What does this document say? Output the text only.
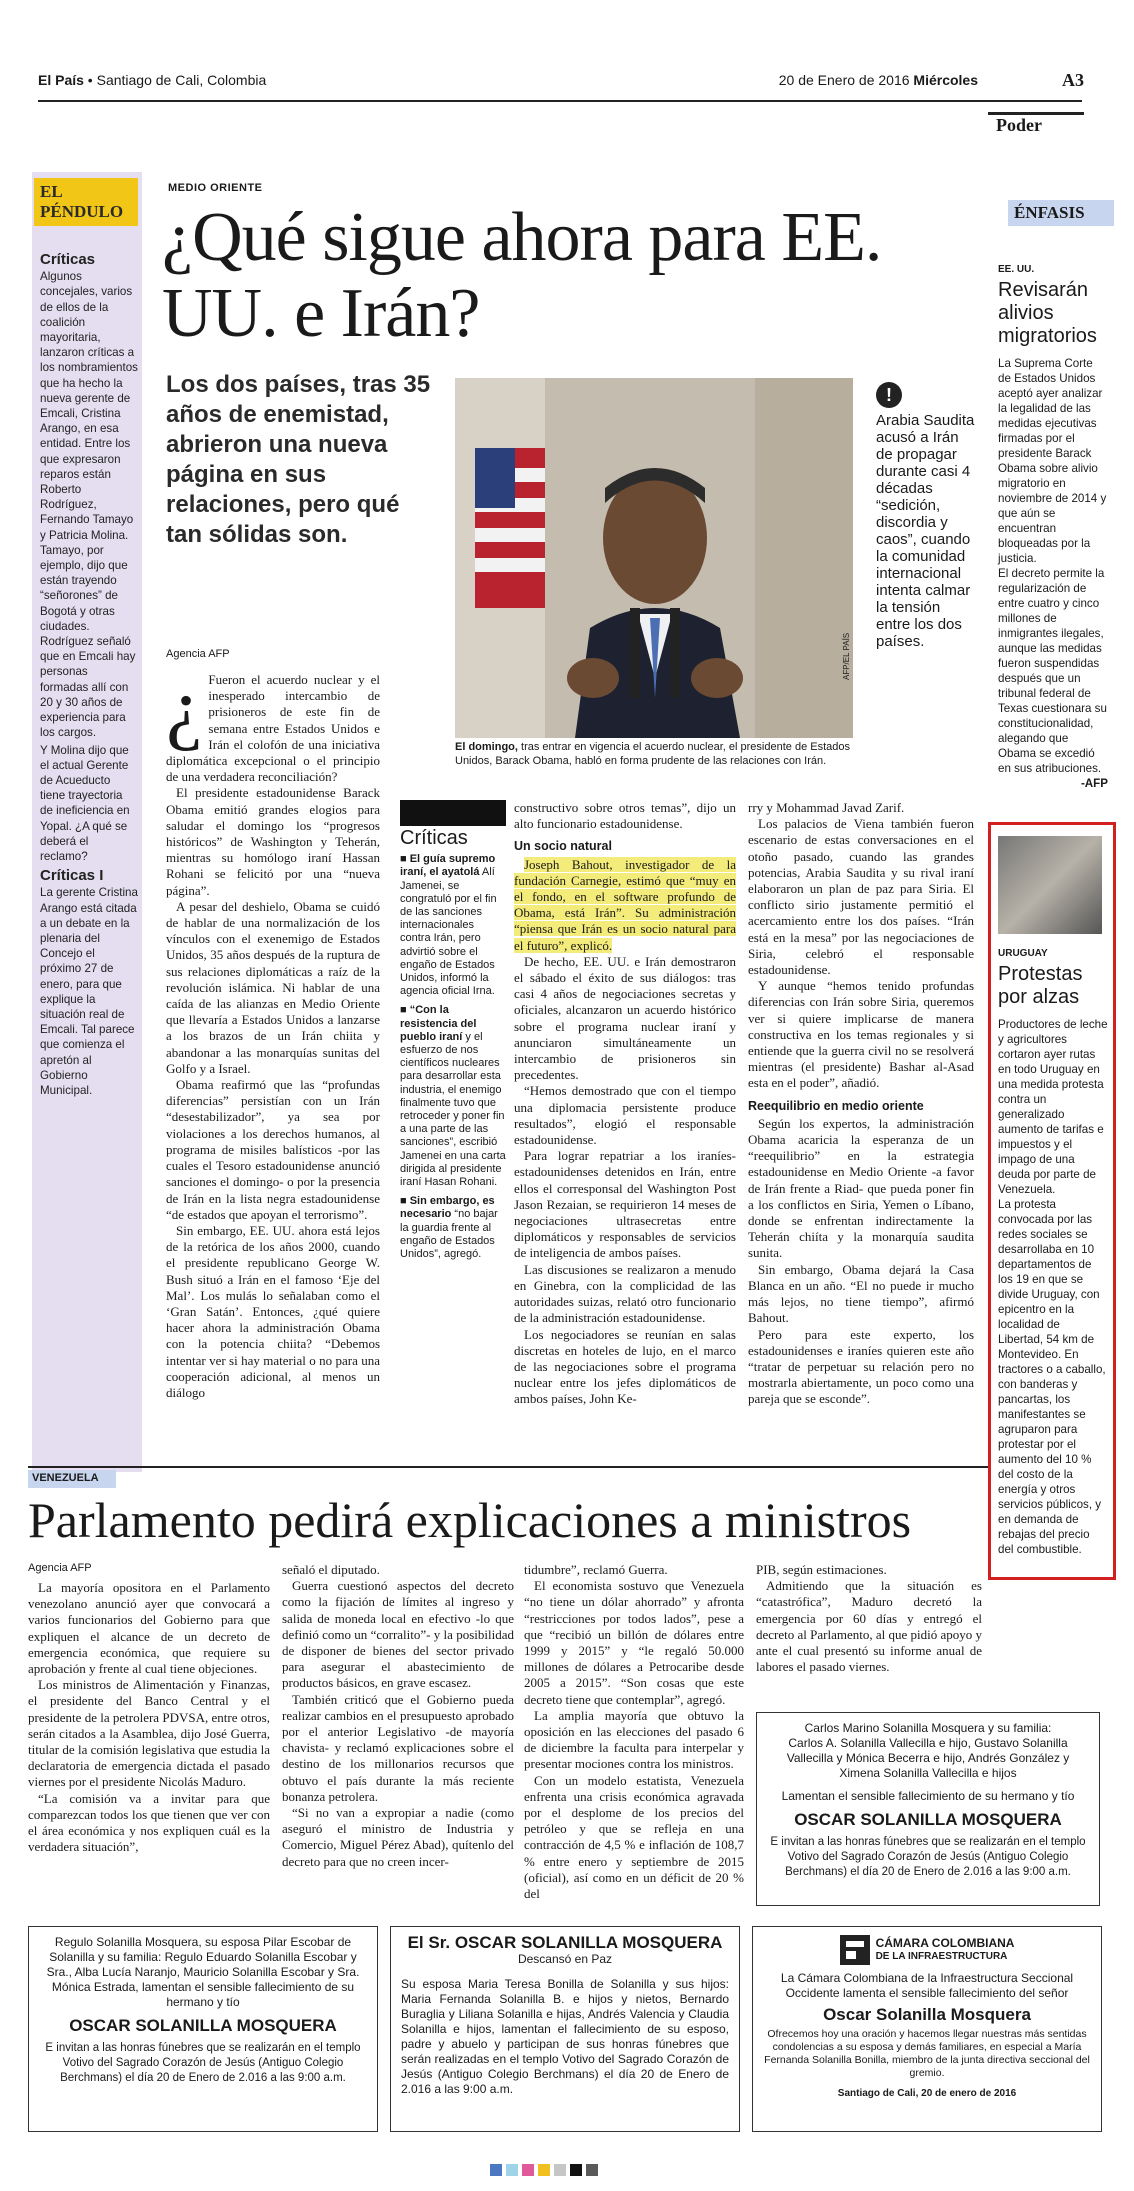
El País • Santiago de Cali, Colombia	20 de Enero de 2016 Miércoles	A3
Poder
EL PÉNDULO
Críticas

Algunos concejales, varios de ellos de la coalición mayoritaria, lanzaron críticas a los nombramientos que ha hecho la nueva gerente de Emcali, Cristina Arango, en esa entidad. Entre los que expresaron reparos están Roberto Rodríguez, Fernando Tamayo y Patricia Molina. Tamayo, por ejemplo, dijo que están trayendo “señorones” de Bogotá y otras ciudades. Rodríguez señaló que en Emcali hay personas formadas allí con 20 y 30 años de experiencia para los cargos.

Y Molina dijo que el actual Gerente de Acueducto tiene trayectoria de ineficiencia en Yopal. ¿A qué se deberá el reclamo?

Críticas I

La gerente Cristina Arango está citada a un debate en la plenaria del Concejo el próximo 27 de enero, para que explique la situación real de Emcali. Tal parece que comienza el apretón al Gobierno Municipal.

MEDIO ORIENTE
¿Qué sigue ahora para EE. UU. e Irán?
Los dos países, tras 35 años de enemistad, abrieron una nueva página en sus relaciones, pero qué tan sólidas son.
Agencia AFP	AFP/EL PAÍS
El domingo, tras entrar en vigencia el acuerdo nuclear, el presidente de Estados Unidos, Barack Obama, habló en forma prudente de las relaciones con Irán.
!
Arabia Saudita acusó a Irán de propagar durante casi 4 décadas “sedición, discordia y caos”, cuando la comunidad internacional intenta calmar la tensión entre los dos países.
¿ Fueron el acuerdo nuclear y el inesperado intercambio de prisioneros de este fin de semana entre Estados Unidos e Irán el colofón de una iniciativa diplomática excepcional o el principio de una verdadera reconciliación?

El presidente estadounidense Barack Obama emitió grandes elogios para saludar el domingo los “progresos históricos” de Washington y Teherán, mientras su homólogo iraní Hassan Rohani se felicitó por una “nueva página”.

A pesar del deshielo, Obama se cuidó de hablar de una normalización de los vínculos con el exenemigo de Estados Unidos, 35 años después de la ruptura de sus relaciones diplomáticas a raíz de la revolución islámica. Ni hablar de una caída de las alianzas en Medio Oriente que llevaría a Estados Unidos a lanzarse a los brazos de un Irán chiita y abandonar a las monarquías sunitas del Golfo y a Israel.

Obama reafirmó que las “profundas diferencias” persistían con un Irán “desestabilizador”, ya sea por violaciones a los derechos humanos, al programa de misiles balísticos -por las cuales el Tesoro estadounidense anunció sanciones el domingo- o por la presencia de Irán en la lista negra estadounidense “de estados que apoyan el terrorismo”.

Sin embargo, EE. UU. ahora está lejos de la retórica de los años 2000, cuando el presidente republicano George W. Bush situó a Irán en el famoso ‘Eje del Mal’. Los mulás lo señalaban como el ‘Gran Satán’. Entonces, ¿qué quiere hacer ahora la administración Obama con la potencia chiita? “Debemos intentar ver si hay material o no para una cooperación adicional, al menos un diálogo

Críticas

■ El guía supremo iraní, el ayatolá Alí Jamenei, se congratuló por el fin de las sanciones internacionales contra Irán, pero advirtió sobre el engaño de Estados Unidos, informó la agencia oficial Irna.

■ “Con la resistencia del pueblo iraní y el esfuerzo de nos científicos nucleares para desarrollar esta industria, el enemigo finalmente tuvo que retroceder y poner fin a una parte de las sanciones”, escribió Jamenei en una carta dirigida al presidente iraní Hasan Rohani.

■ Sin embargo, es necesario “no bajar la guardia frente al engaño de Estados Unidos”, agregó.

constructivo sobre otros temas”, dijo un alto funcionario estadounidense.

Un socio natural

Joseph Bahout, investigador de la fundación Carnegie, estimó que “muy en el fondo, en el software profundo de Obama, está Irán”. Su administración “piensa que Irán es un socio natural para el futuro”, explicó.

De hecho, EE. UU. e Irán demostraron el sábado el éxito de sus diálogos: tras casi 4 años de negociaciones secretas y oficiales, alcanzaron un acuerdo histórico sobre el programa nuclear iraní y anunciaron simultáneamente un intercambio de prisioneros sin precedentes.

“Hemos demostrado que con el tiempo una diplomacia persistente produce resultados”, elogió el responsable estadounidense.

Para lograr repatriar a los iraníes-estadounidenses detenidos en Irán, entre ellos el corresponsal del Washington Post Jason Rezaian, se requirieron 14 meses de negociaciones ultrasecretas entre diplomáticos y responsables de servicios de inteligencia de ambos países.

Las discusiones se realizaron a menudo en Ginebra, con la complicidad de las autoridades suizas, relató otro funcionario de la administración estadounidense.

Los negociadores se reunían en salas discretas en hoteles de lujo, en el marco de las negociaciones sobre el programa nuclear entre los jefes diplomáticos de ambos países, John Ke-

rry y Mohammad Javad Zarif.

Los palacios de Viena también fueron escenario de estas conversaciones en el otoño pasado, cuando las grandes potencias, Arabia Saudita y su rival iraní elaboraron un plan de paz para Siria. El conflicto sirio justamente permitió el acercamiento entre los dos países. “Irán está en la mesa” por las negociaciones de Siria, celebró el responsable estadounidense.

Y aunque “hemos tenido profundas diferencias con Irán sobre Siria, queremos ver si quiere implicarse de manera constructiva en los temas regionales y si entiende que la guerra civil no se resolverá mientras (el presidente) Bashar al-Asad esta en el poder”, añadió.

Reequilibrio en medio oriente

Según los expertos, la administración Obama acaricia la esperanza de un “reequilibrio” en la estrategia estadounidense en Medio Oriente -a favor de Irán frente a Riad- que pueda poner fin a los conflictos en Siria, Yemen o Líbano, donde se enfrentan indirectamente la Teherán chiíta y la monarquía saudita sunita.

Sin embargo, Obama dejará la Casa Blanca en un año. “El no puede ir mucho más lejos, no tiene tiempo”, afirmó Bahout.

Pero para este experto, los estadounidenses e iraníes quieren este año “tratar de perpetuar su relación pero no mostrarla abiertamente, un poco como una pareja que se esconde”.

ÉNFASIS
EE. UU.
Revisarán alivios migratorios

La Suprema Corte de Estados Unidos aceptó ayer analizar la legalidad de las medidas ejecutivas firmadas por el presidente Barack Obama sobre alivio migratorio en noviembre de 2014 y que aún se encuentran bloqueadas por la justicia.

El decreto permite la regularización de entre cuatro y cinco millones de inmigrantes ilegales, aunque las medidas fueron suspendidas después que un tribunal federal de Texas cuestionara su constitucionalidad, alegando que Obama se excedió en sus atribuciones.

-AFP

URUGUAY
Protestas por alzas

Productores de leche y agricultores cortaron ayer rutas en todo Uruguay en una medida protesta contra un generalizado aumento de tarifas e impuestos y el impago de una deuda por parte de Venezuela.

La protesta convocada por las redes sociales se desarrollaba en 10 departamentos de los 19 en que se divide Uruguay, con epicentro en la localidad de Libertad, 54 km de Montevideo. En tractores o a caballo, con banderas y pancartas, los manifestantes se agruparon para protestar por el aumento del 10 % del costo de la energía y otros servicios públicos, y en demanda de rebajas del precio del combustible.

VENEZUELA
Parlamento pedirá explicaciones a ministros
Agencia AFP

La mayoría opositora en el Parlamento venezolano anunció ayer que convocará a varios funcionarios del Gobierno para que expliquen el alcance de un decreto de emergencia económica, que requiere su aprobación y frente al cual tiene objeciones.

Los ministros de Alimentación y Finanzas, el presidente del Banco Central y el presidente de la petrolera PDVSA, entre otros, serán citados a la Asamblea, dijo José Guerra, titular de la comisión legislativa que estudia la declaratoria de emergencia dictada el pasado viernes por el presidente Nicolás Maduro.

“La comisión va a invitar para que comparezcan todos los que tienen que ver con el área económica y nos expliquen cuál es la verdadera situación”,

señaló el diputado.

Guerra cuestionó aspectos del decreto como la fijación de límites al ingreso y salida de moneda local en efectivo -lo que definió como un “corralito”- y la posibilidad de disponer de bienes del sector privado para asegurar el abastecimiento de productos básicos, en grave escasez.

También criticó que el Gobierno pueda realizar cambios en el presupuesto aprobado por el anterior Legislativo -de mayoría chavista- y reclamó explicaciones sobre el destino de los millonarios recursos que obtuvo el país durante la más reciente bonanza petrolera.

“Si no van a expropiar a nadie (como aseguró el ministro de Industria y Comercio, Miguel Pérez Abad), quítenlo del decreto para que no creen incer-

tidumbre”, reclamó Guerra.

El economista sostuvo que Venezuela “no tiene un dólar ahorrado” y afronta “restricciones por todos lados”, pese a que “recibió un billón de dólares entre 1999 y 2015” y “le regaló 50.000 millones de dólares a Petrocaribe desde 2005 a 2015”. “Son cosas que este decreto tiene que contemplar”, agregó.

La amplia mayoría que obtuvo la oposición en las elecciones del pasado 6 de diciembre la faculta para interpelar y presentar mociones contra los ministros.

Con un modelo estatista, Venezuela enfrenta una crisis económica agravada por el desplome de los precios del petróleo y que se refleja en una contracción de 4,5 % e inflación de 108,7 % entre enero y septiembre de 2015 (oficial), así como en un déficit de 20 % del

PIB, según estimaciones.

Admitiendo que la situación es “catastrófica”, Maduro decretó la emergencia por 60 días y entregó el decreto al Parlamento, al que pidió apoyo y ante el cual presentó su informe anual de labores el pasado viernes.

Carlos Marino Solanilla Mosquera y su familia:

Carlos A. Solanilla Vallecilla e hijo, Gustavo Solanilla Vallecilla y Mónica Becerra e hijo, Andrés González y Ximena Solanilla Vallecilla e hijos

Lamentan el sensible fallecimiento de su hermano y tío

OSCAR SOLANILLA MOSQUERA

E invitan a las honras fúnebres que se realizarán en el templo Votivo del Sagrado Corazón de Jesús (Antiguo Colegio Berchmans) el día 20 de Enero de 2.016 a las 9:00 a.m.

Regulo Solanilla Mosquera, su esposa Pilar Escobar de Solanilla y su familia: Regulo Eduardo Solanilla Escobar y Sra., Alba Lucía Naranjo, Mauricio Solanilla Escobar y Sra. Mónica Estrada, lamentan el sensible fallecimiento de su hermano y tío

OSCAR SOLANILLA MOSQUERA

E invitan a las honras fúnebres que se realizarán en el templo Votivo del Sagrado Corazón de Jesús (Antiguo Colegio Berchmans) el día 20 de Enero de 2.016 a las 9:00 a.m.

El Sr. OSCAR SOLANILLA MOSQUERA

Descansó en Paz

Su esposa Maria Teresa Bonilla de Solanilla y sus hijos: Maria Fernanda Solanilla B. e hijos y nietos, Bernardo Buraglia y Liliana Solanilla e hijas, Andrés Valencia y Claudia Solanilla e hijos, lamentan el fallecimiento de su esposo, padre y abuelo y participan de sus honras fúnebres que serán realizadas en el templo Votivo del Sagrado Corazón de Jesús (Antiguo Colegio Berchmans) el día 20 de Enero de 2.016 a las 9:00 a.m.

CÁMARA COLOMBIANA
DE LA INFRAESTRUCTURA

La Cámara Colombiana de la Infraestructura Seccional Occidente lamenta el sensible fallecimiento del señor

Oscar Solanilla Mosquera

Ofrecemos hoy una oración y hacemos llegar nuestras más sentidas condolencias a su esposa y demás familiares, en especial a María Fernanda Solanilla Bonilla, miembro de la junta directiva seccional del gremio.

Santiago de Cali, 20 de enero de 2016
